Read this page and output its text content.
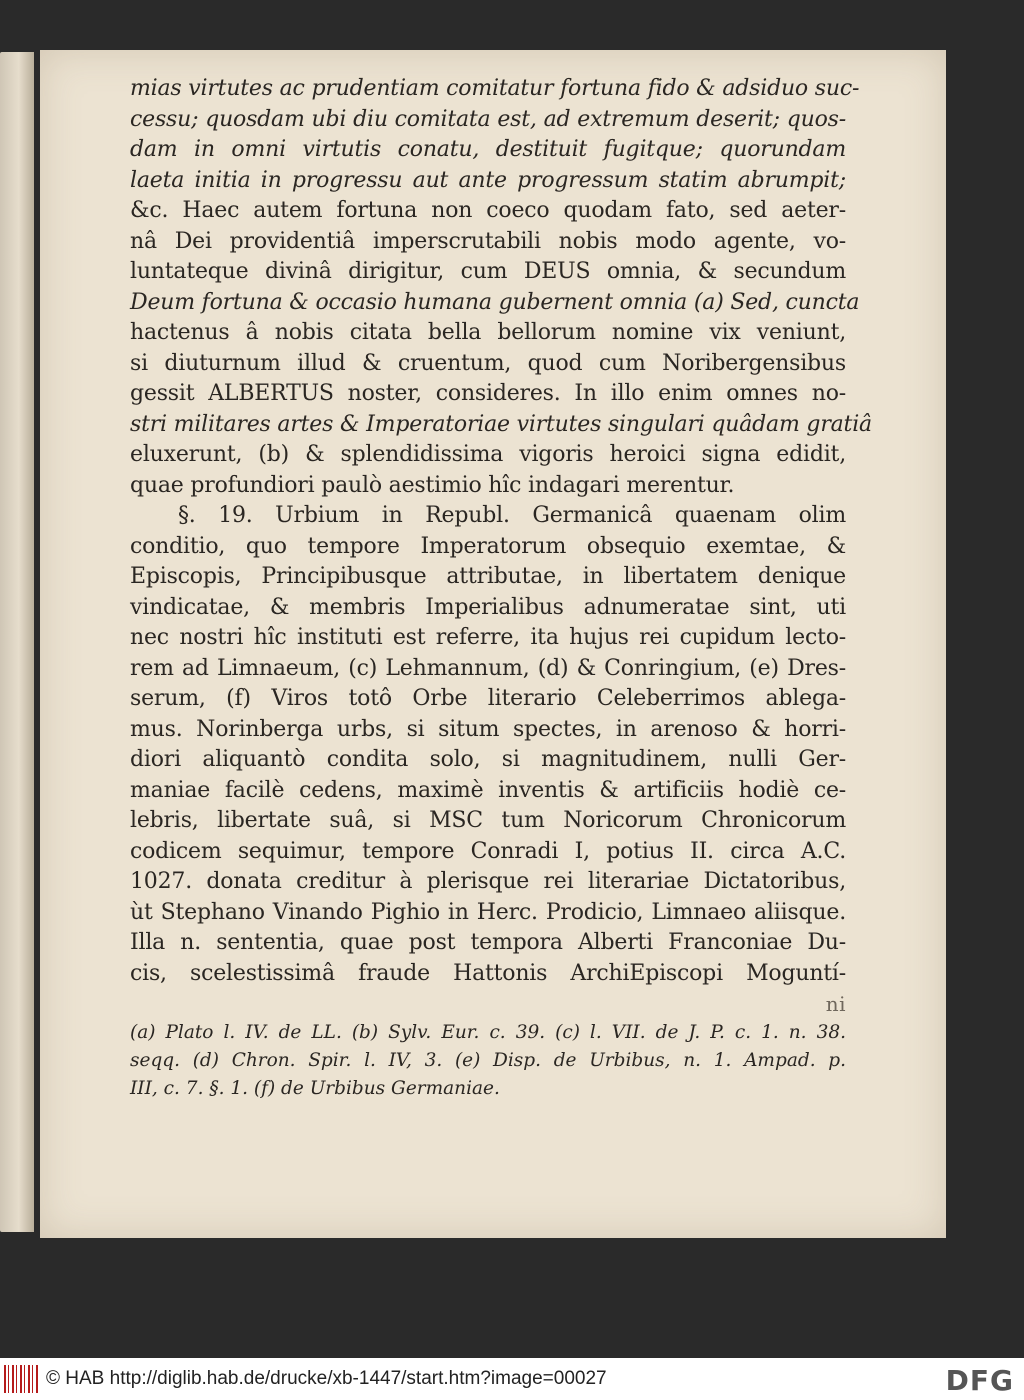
mias virtutes ac prudentiam comitatur fortuna fido & adsiduo suc-
cessu; quosdam ubi diu comitata est, ad extremum deserit; quos-
dam in omni virtutis conatu, destituit fugitque; quorundam
laeta initia in progressu aut ante progressum statim abrumpit;
&c. Haec autem fortuna non coeco quodam fato, sed aeter-
nâ Dei providentiâ imperscrutabili nobis modo agente, vo-
luntateque divinâ dirigitur, cum DEUS omnia, & secundum
Deum fortuna & occasio humana gubernent omnia (a) Sed, cuncta
hactenus â nobis citata bella bellorum nomine vix veniunt,
si diuturnum illud & cruentum, quod cum Noribergensibus
gessit ALBERTUS noster, consideres. In illo enim omnes no-
stri militares artes & Imperatoriae virtutes singulari quâdam gratiâ
eluxerunt, (b) & splendidissima vigoris heroici signa edidit,
quae profundiori paulò aestimio hîc indagari merentur.
§. 19. Urbium in Republ. Germanicâ quaenam olim
conditio, quo tempore Imperatorum obsequio exemtae, &
Episcopis, Principibusque attributae, in libertatem denique
vindicatae, & membris Imperialibus adnumeratae sint, uti
nec nostri hîc instituti est referre, ita hujus rei cupidum lecto-
rem ad Limnaeum, (c) Lehmannum, (d) & Conringium, (e) Dres-
serum, (f) Viros totô Orbe literario Celeberrimos ablega-
mus. Norinberga urbs, si situm spectes, in arenoso & horri-
diori aliquantò condita solo, si magnitudinem, nulli Ger-
maniae facilè cedens, maximè inventis & artificiis hodiè ce-
lebris, libertate suâ, si MSC tum Noricorum Chronicorum
codicem sequimur, tempore Conradi I, potius II. circa A.C.
1027. donata creditur à plerisque rei literariae Dictatoribus,
ùt Stephano Vinando Pighio in Herc. Prodicio, Limnaeo aliisque.
Illa n. sententia, quae post tempora Alberti Franconiae Du-
cis, scelestissimâ fraude Hattonis ArchiEpiscopi Moguntí-
ni
(a) Plato l. IV. de LL. (b) Sylv. Eur. c. 39. (c) l. VII. de J. P. c. 1. n. 38.
seqq. (d) Chron. Spir. l. IV, 3. (e) Disp. de Urbibus, n. 1. Ampad. p.
III, c. 7. §. 1. (f) de Urbibus Germaniae.
© HAB http://diglib.hab.de/drucke/xb-1447/start.htm?image=00027	DFG
